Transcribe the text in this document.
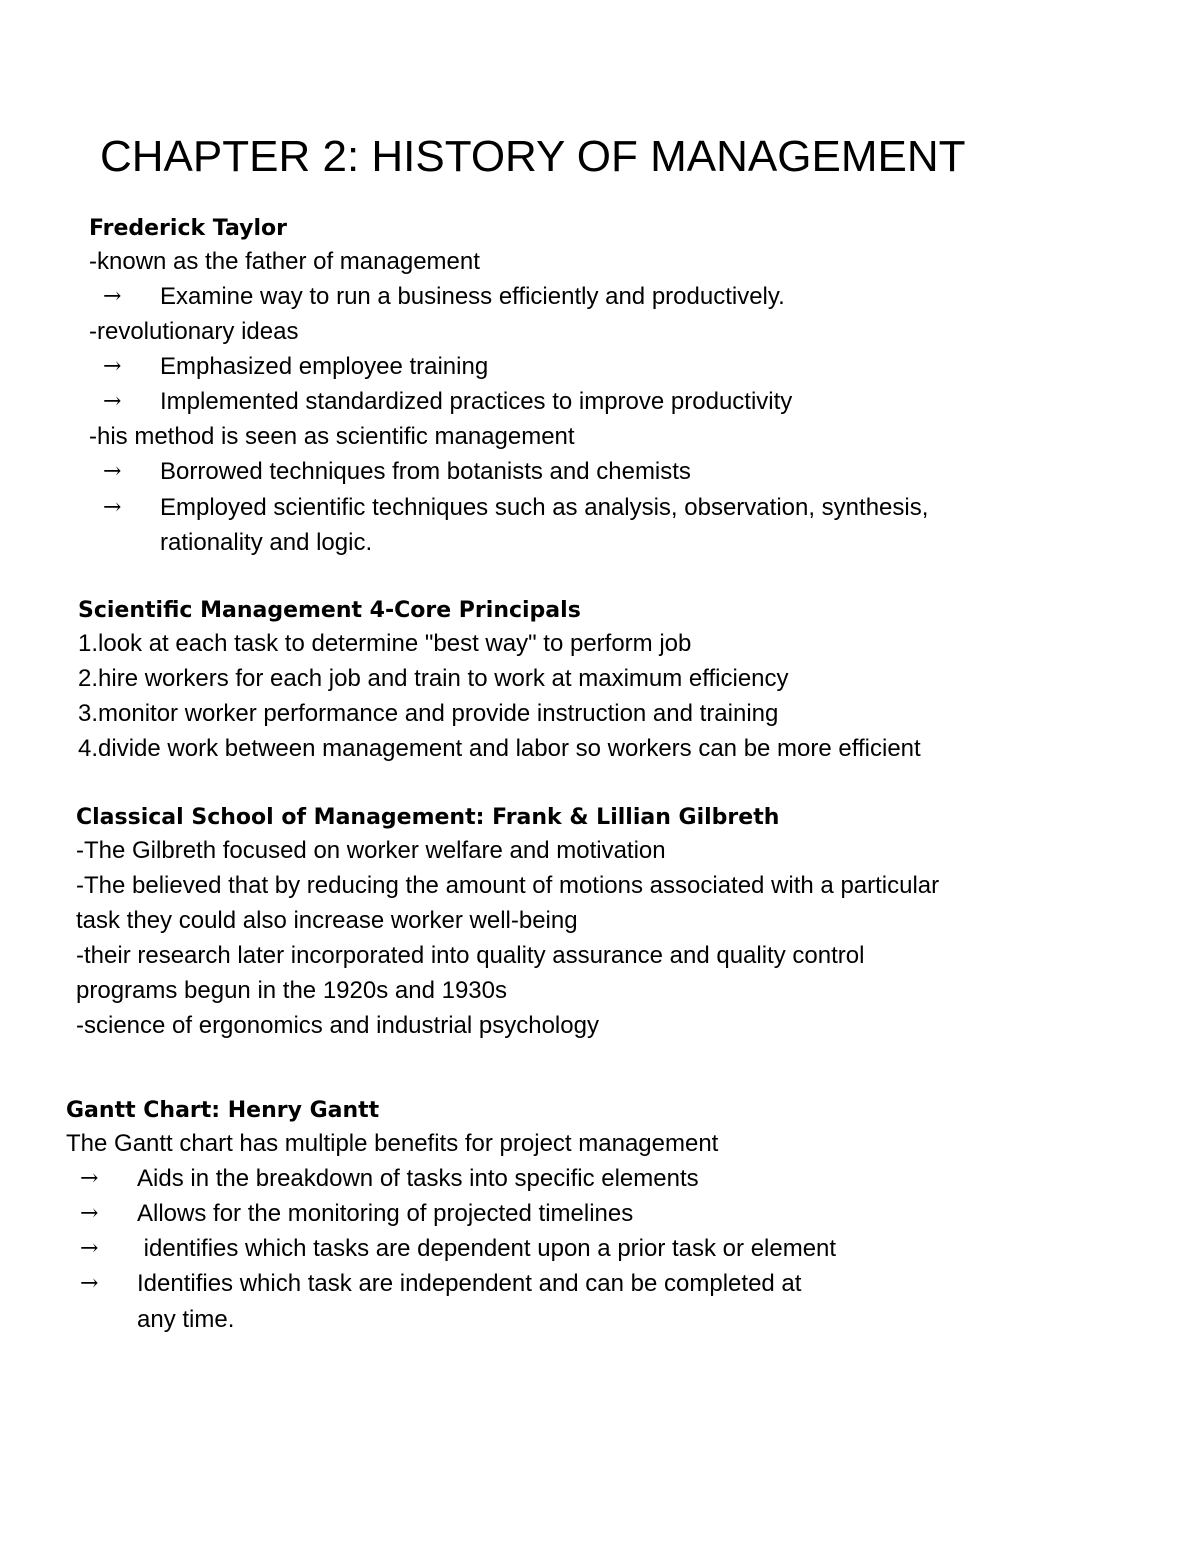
CHAPTER 2: HISTORY OF MANAGEMENT
Frederick Taylor
-known as the father of management
→ Examine way to run a business efficiently and productively.
-revolutionary ideas
→ Emphasized employee training
→ Implemented standardized practices to improve productivity
-his method is seen as scientific management
→ Borrowed techniques from botanists and chemists
→ Employed scientific techniques such as analysis, observation, synthesis,
rationality and logic.
Scientific Management 4-Core Principals
1.look at each task to determine "best way" to perform job
2.hire workers for each job and train to work at maximum efficiency
3.monitor worker performance and provide instruction and training
4.divide work between management and labor so workers can be more efficient
Classical School of Management: Frank & Lillian Gilbreth
-The Gilbreth focused on worker welfare and motivation
-The believed that by reducing the amount of motions associated with a particular
task they could also increase worker well-being
-their research later incorporated into quality assurance and quality control
programs begun in the 1920s and 1930s
-science of ergonomics and industrial psychology
Gantt Chart: Henry Gantt
The Gantt chart has multiple benefits for project management
→ Aids in the breakdown of tasks into specific elements
→ Allows for the monitoring of projected timelines
→ identifies which tasks are dependent upon a prior task or element
→ Identifies which task are independent and can be completed at
any time.
